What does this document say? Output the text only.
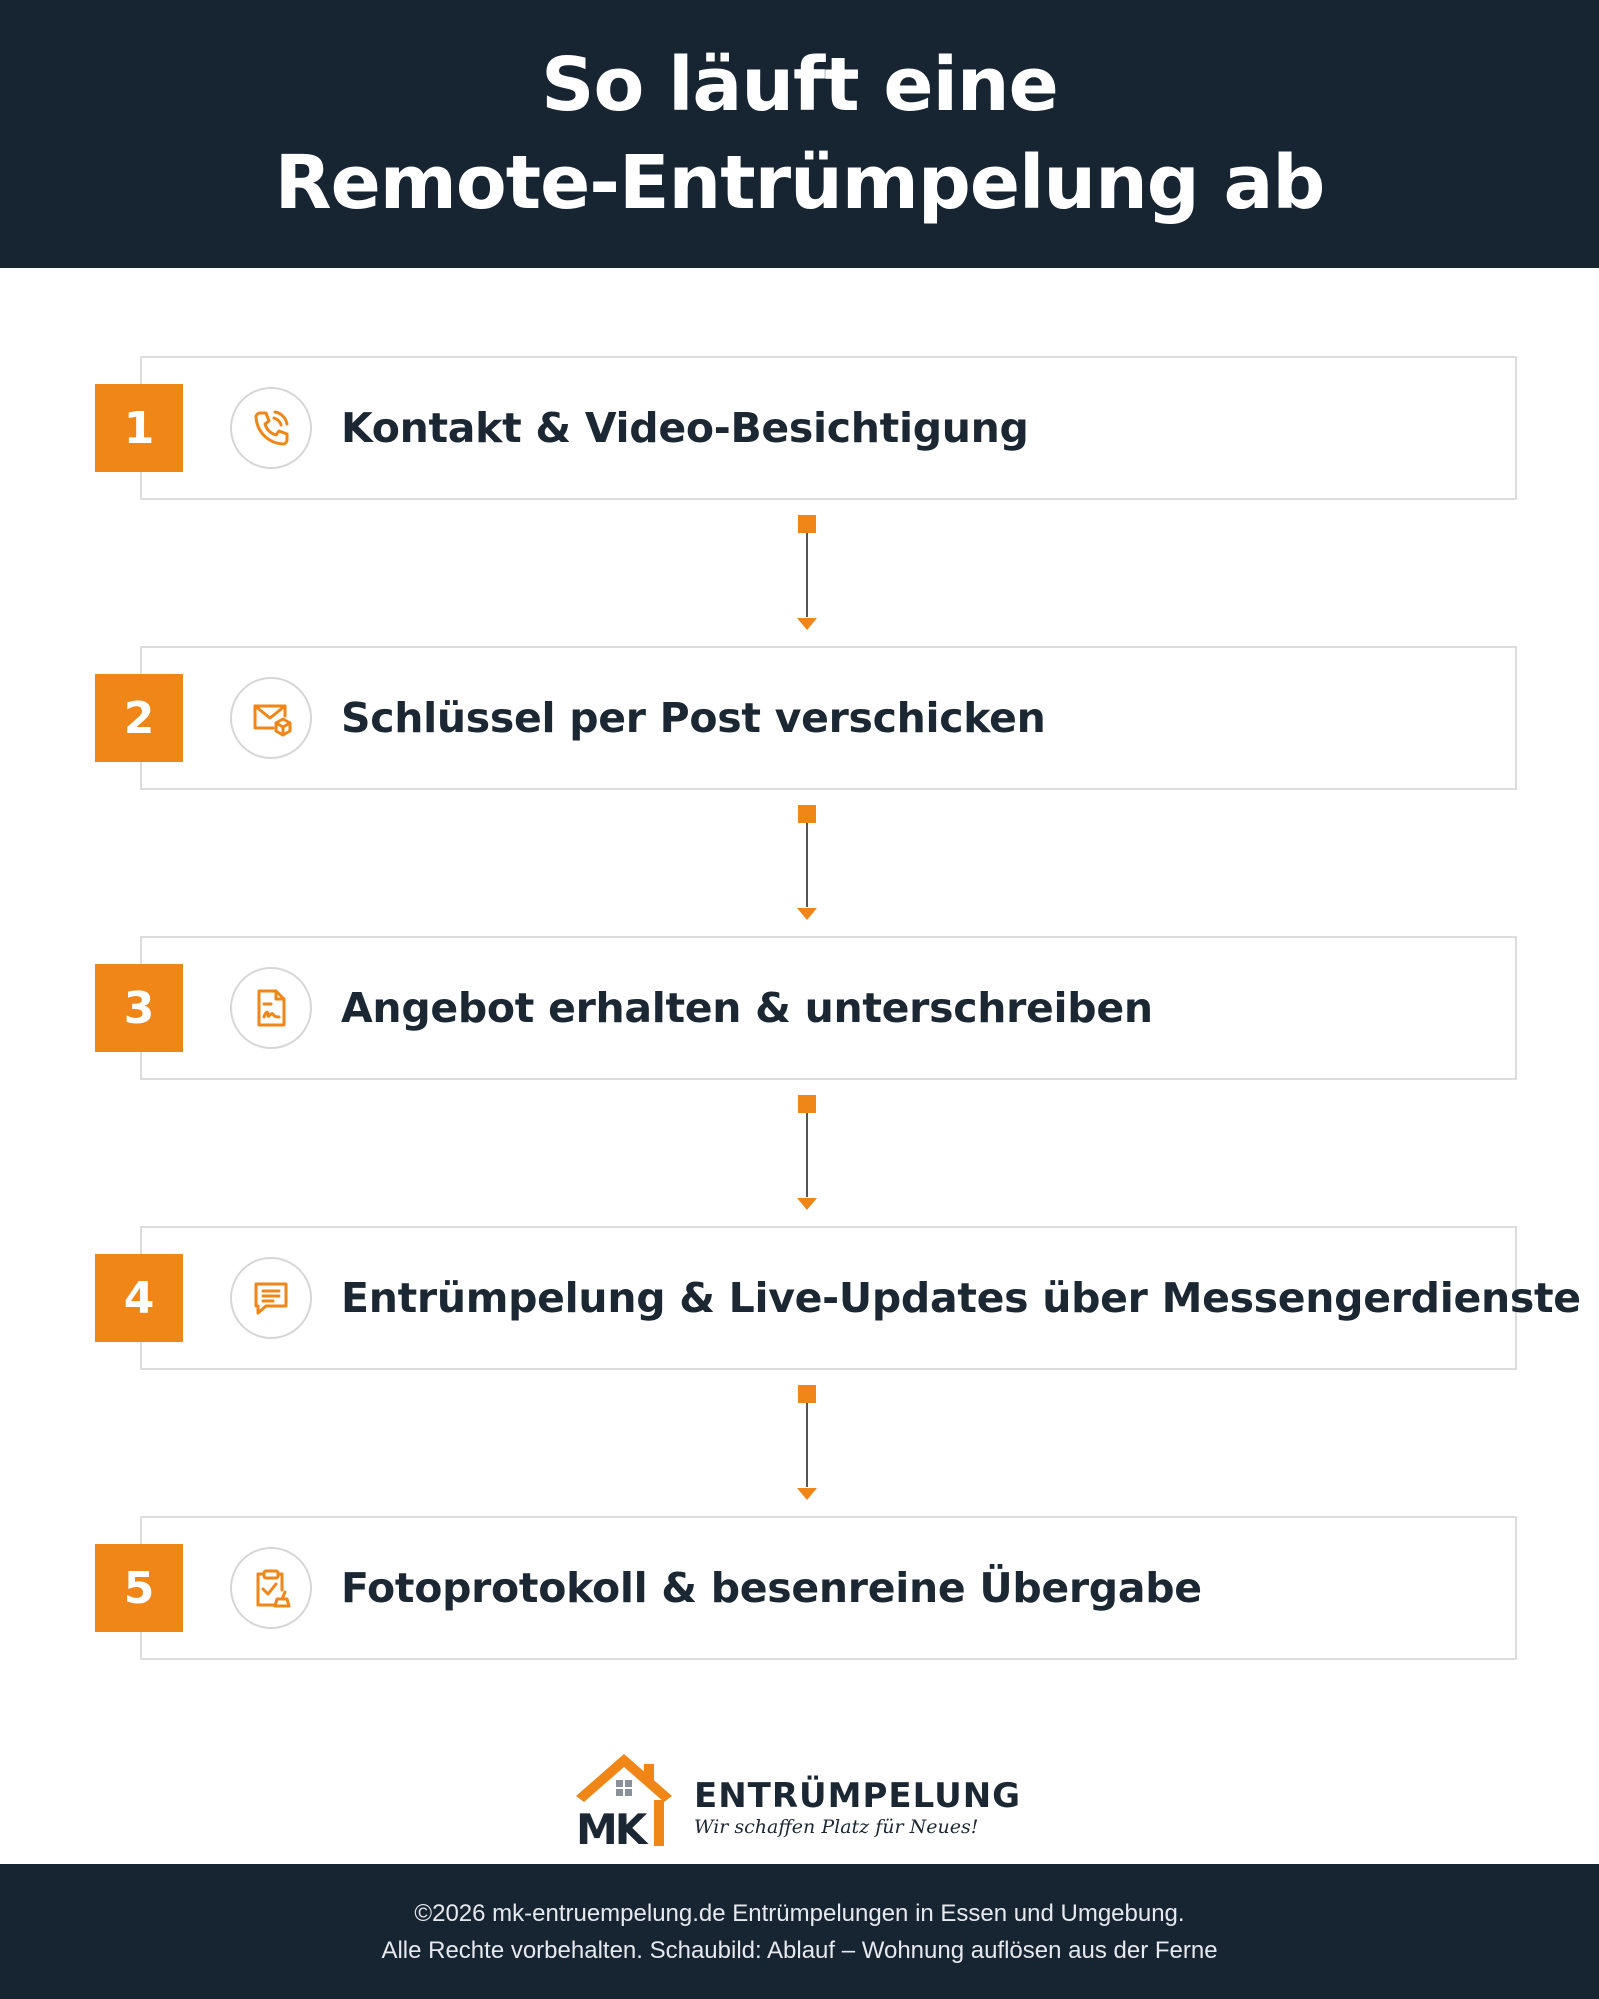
So läuft eine
Remote-Entrümpelung ab
Kontakt & Video-Besichtigung
1
Schlüssel per Post verschicken
2
Angebot erhalten & unterschreiben
3
Entrümpelung & Live-Updates über Messengerdienste
4
Fotoprotokoll & besenreine Übergabe
5
MK
ENTRÜMPELUNG
Wir schaffen Platz für Neues!
©2026 mk-entruempelung.de Entrümpelungen in Essen und Umgebung.
Alle Rechte vorbehalten. Schaubild: Ablauf – Wohnung auflösen aus der Ferne
